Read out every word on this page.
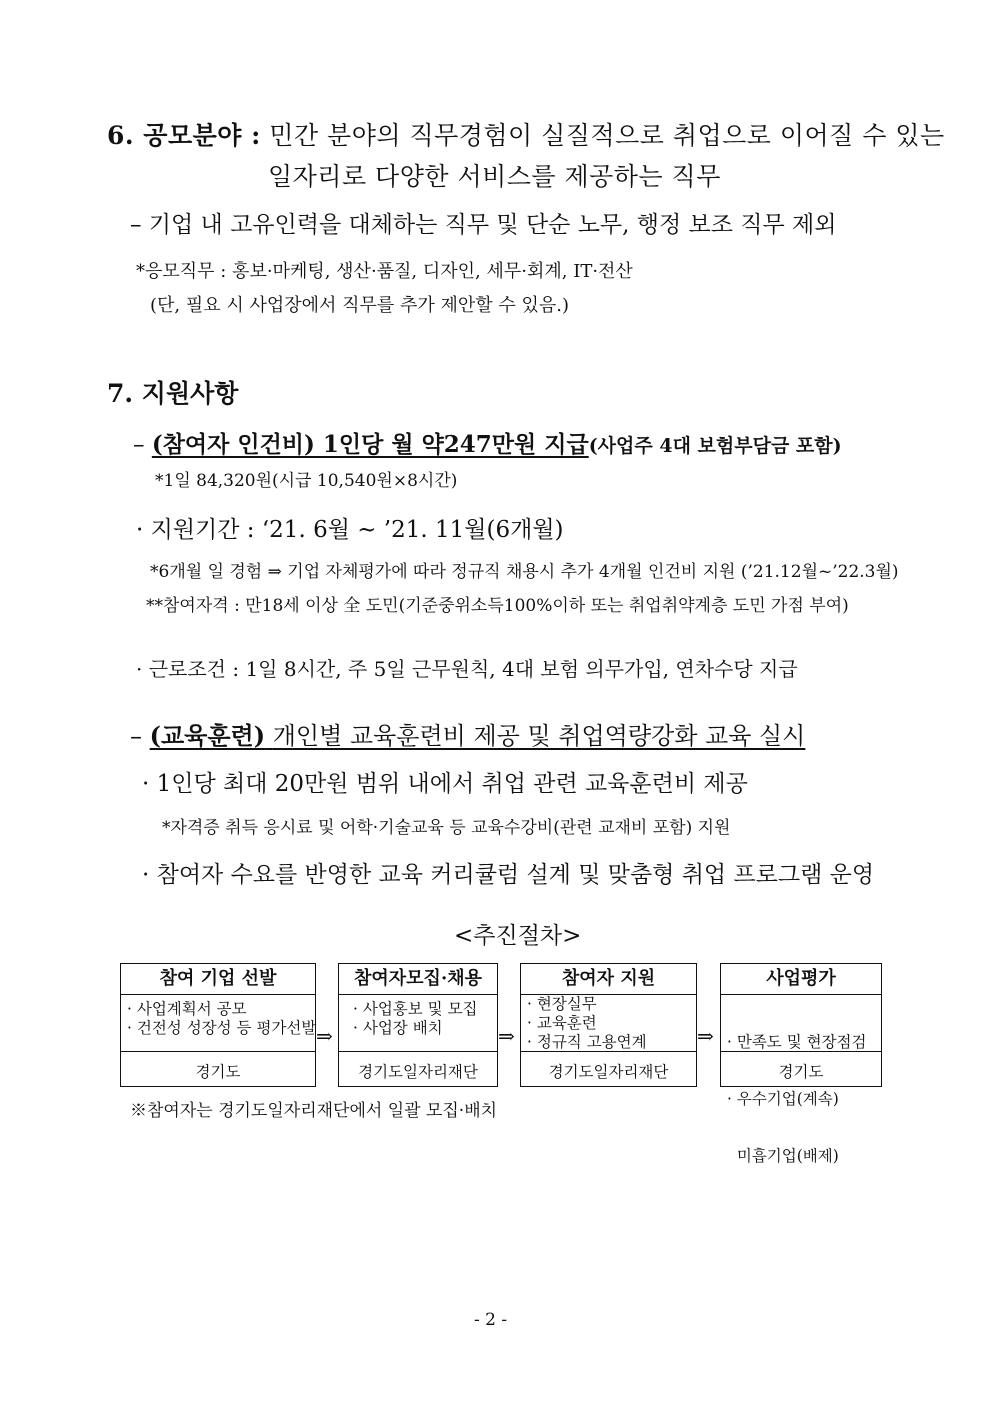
6. 공모분야 : 민간 분야의 직무경험이 실질적으로 취업으로 이어질 수 있는
일자리로 다양한 서비스를 제공하는 직무
– 기업 내 고유인력을 대체하는 직무 및 단순 노무, 행정 보조 직무 제외
*응모직무 : 홍보·마케팅, 생산·품질, 디자인, 세무·회계, IT·전산
(단, 필요 시 사업장에서 직무를 추가 제안할 수 있음.)
7. 지원사항
– (참여자 인건비) 1인당 월 약247만원 지급(사업주 4대 보험부담금 포함)
*1일 84,320원(시급 10,540원×8시간)
· 지원기간 : ‘21. 6월 ~ ’21. 11월(6개월)
*6개월 일 경험 ⇒ 기업 자체평가에 따라 정규직 채용시 추가 4개월 인건비 지원 (’21.12월~’22.3월)
**참여자격 : 만18세 이상 全 도민(기준중위소득100%이하 또는 취업취약계층 도민 가점 부여)
· 근로조건 : 1일 8시간, 주 5일 근무원칙, 4대 보험 의무가입, 연차수당 지급
– (교육훈련) 개인별 교육훈련비 제공 및 취업역량강화 교육 실시
· 1인당 최대 20만원 범위 내에서 취업 관련 교육훈련비 제공
*자격증 취득 응시료 및 어학·기술교육 등 교육수강비(관련 교재비 포함) 지원
· 참여자 수요를 반영한 교육 커리큘럼 설계 및 맞춤형 취업 프로그램 운영
<추진절차>
참여 기업 선발
· 사업계획서 공모
· 건전성 성장성 등 평가선발
경기도
⇒
참여자모집·채용
· 사업홍보 및 모집
· 사업장 배치
경기도일자리재단
⇒
참여자 지원
· 현장실무
· 교육훈련
· 정규직 고용연계
경기도일자리재단
⇒
사업평가

· 만족도 및 현장점검

· 우수기업(계속)

미흡기업(배제)

경기도
※참여자는 경기도일자리재단에서 일괄 모집·배치
- 2 -
